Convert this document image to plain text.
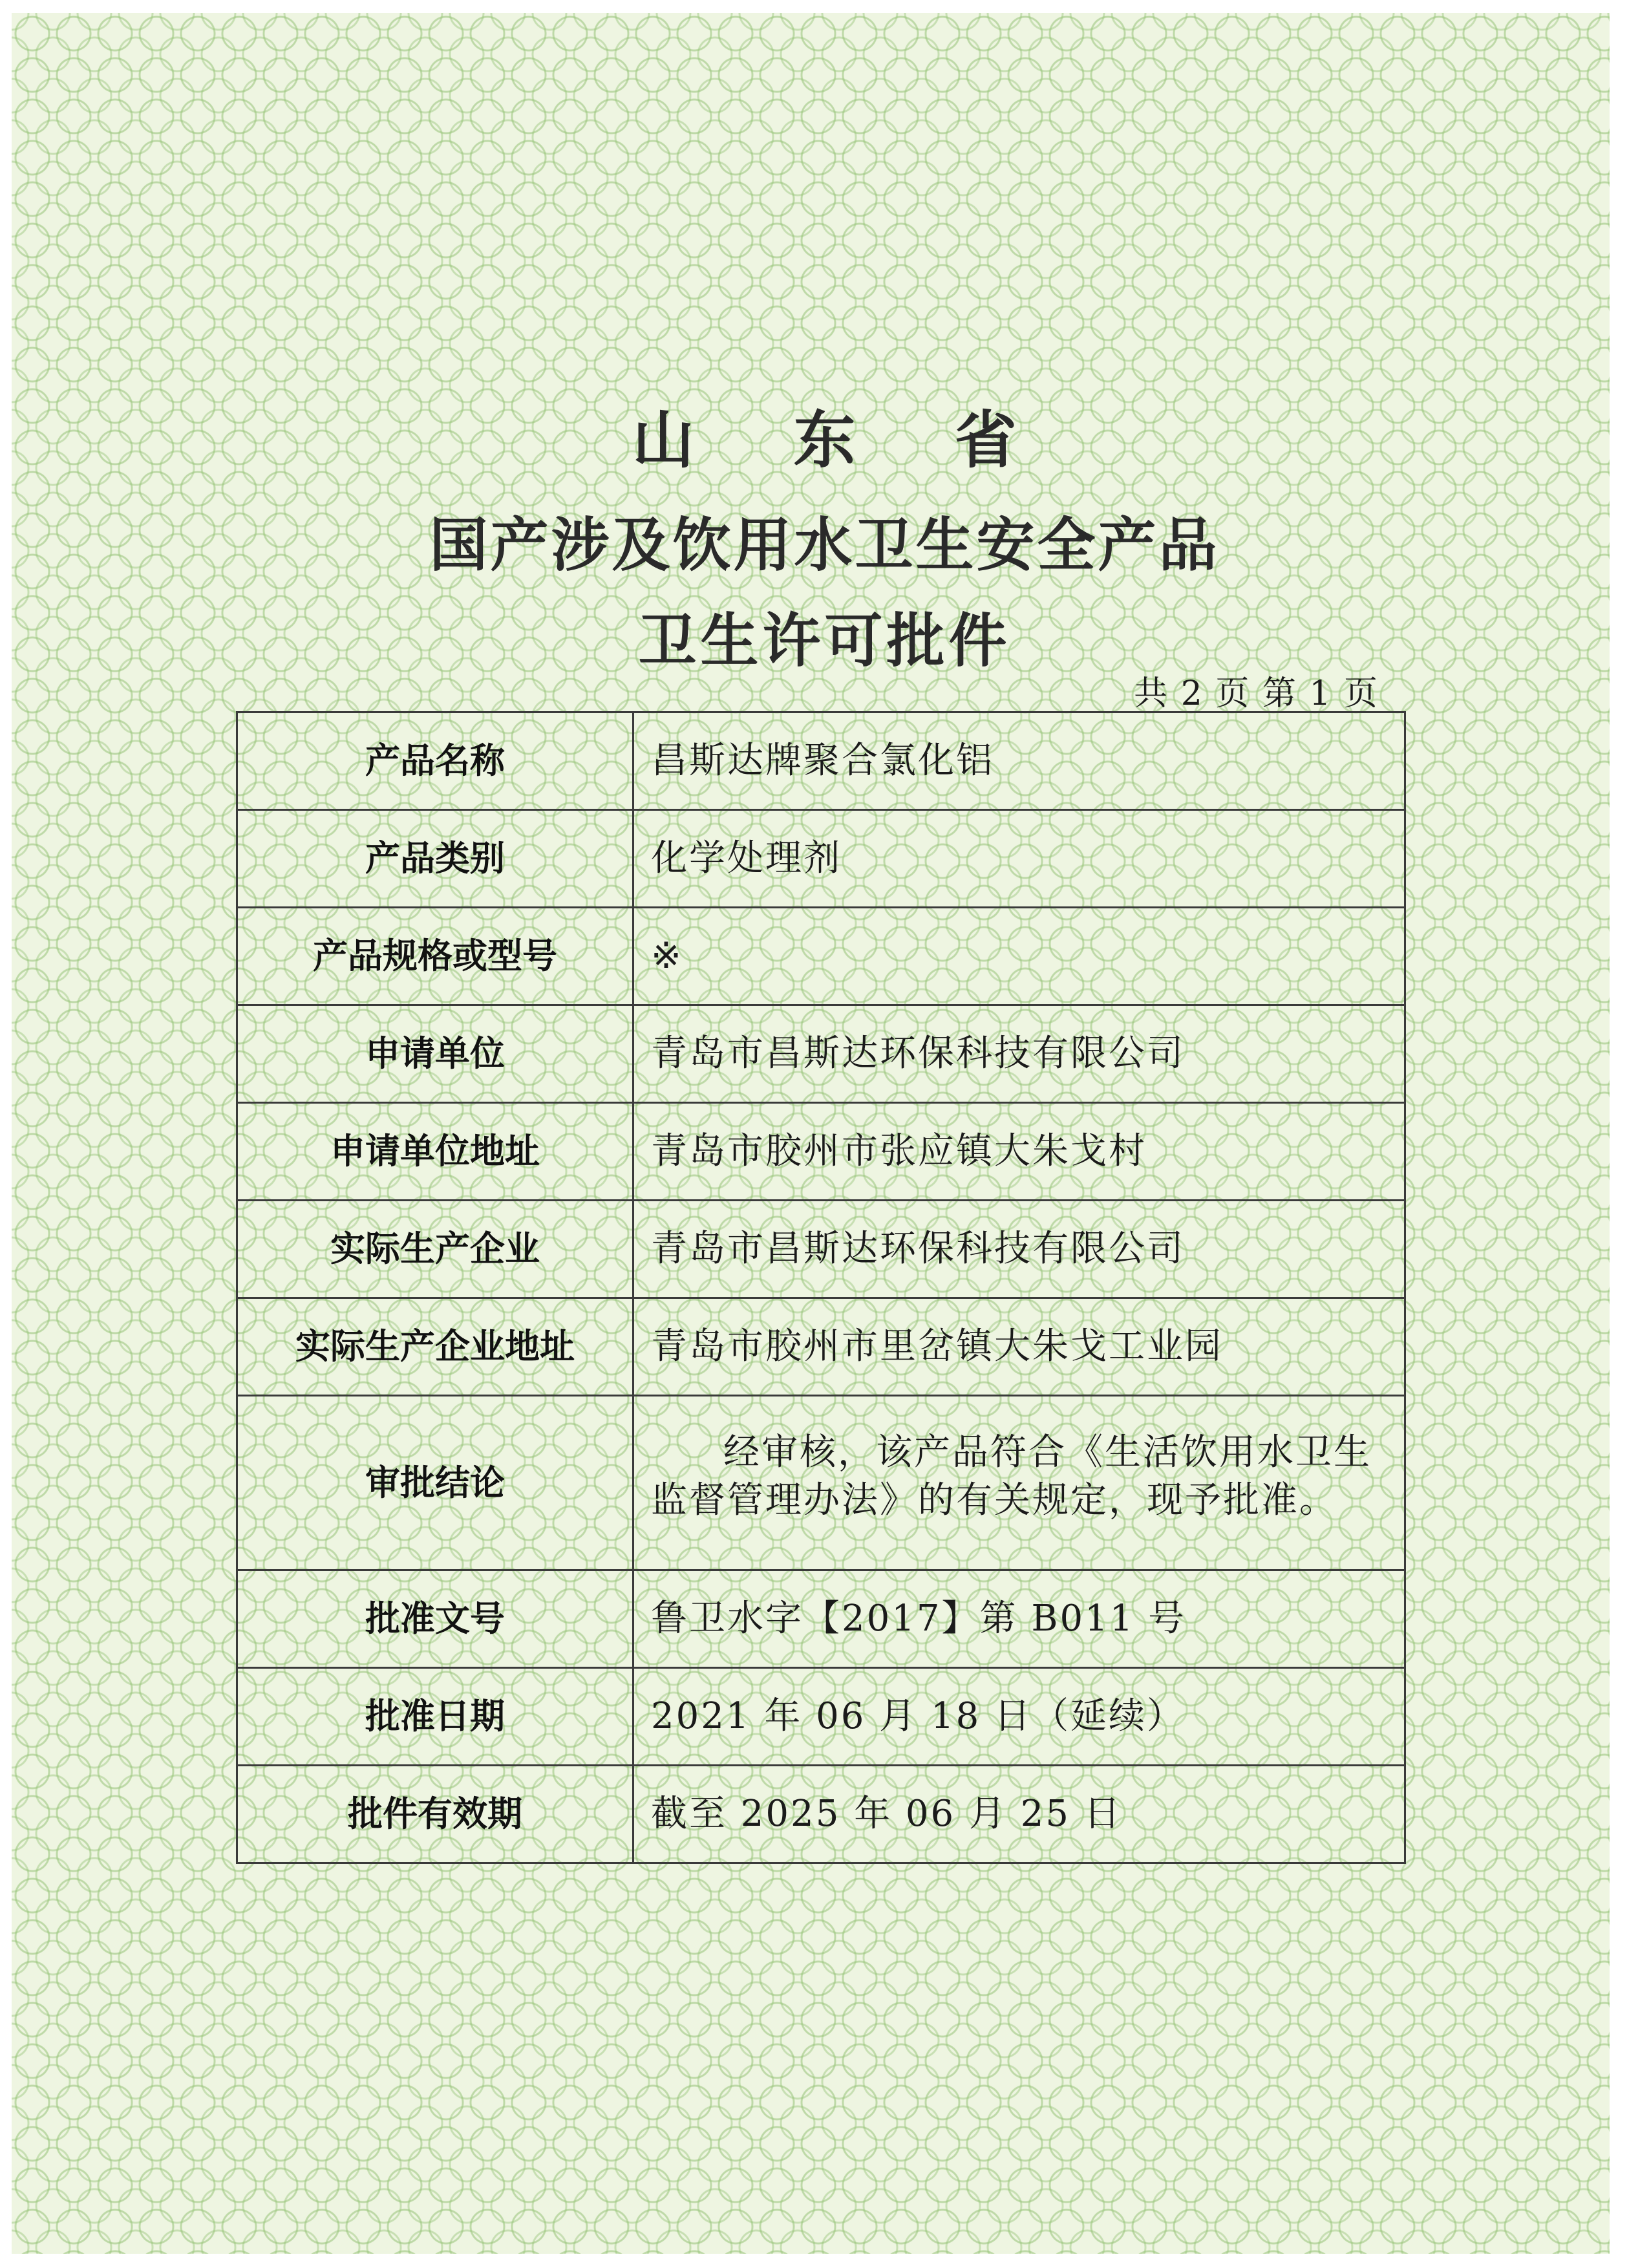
山 东 省
国产涉及饮用水卫生安全产品
卫生许可批件
共 2 页 第 1 页
产品名称	昌斯达牌聚合氯化铝
产品类别	化学处理剂
产品规格或型号	※
申请单位	青岛市昌斯达环保科技有限公司
申请单位地址	青岛市胶州市张应镇大朱戈村
实际生产企业	青岛市昌斯达环保科技有限公司
实际生产企业地址	青岛市胶州市里岔镇大朱戈工业园
审批结论	经审核，该产品符合《生活饮用水卫生监督管理办法》的有关规定，现予批准。

批准文号	鲁卫水字【2017】第 B011 号
批准日期	2021 年 06 月 18 日（延续）
批件有效期	截至 2025 年 06 月 25 日
